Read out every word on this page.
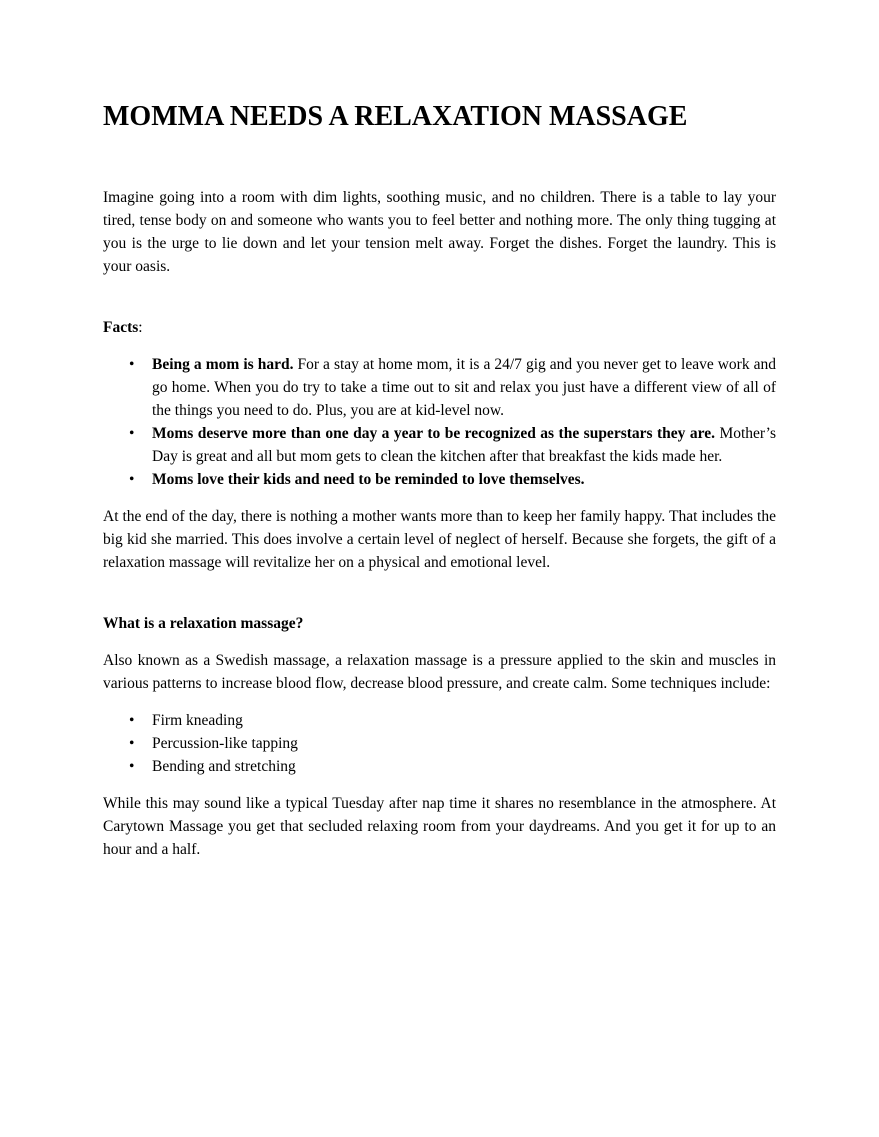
MOMMA NEEDS A RELAXATION MASSAGE

Imagine going into a room with dim lights, soothing music, and no children. There is a table to lay your tired, tense body on and someone who wants you to feel better and nothing more. The only thing tugging at you is the urge to lie down and let your tension melt away. Forget the dishes. Forget the laundry. This is your oasis.

Facts:

• Being a mom is hard. For a stay at home mom, it is a 24/7 gig and you never get to leave work and go home. When you do try to take a time out to sit and relax you just have a different view of all of the things you need to do. Plus, you are at kid-level now.
• Moms deserve more than one day a year to be recognized as the superstars they are. Mother’s Day is great and all but mom gets to clean the kitchen after that breakfast the kids made her.
• Moms love their kids and need to be reminded to love themselves.

At the end of the day, there is nothing a mother wants more than to keep her family happy. That includes the big kid she married. This does involve a certain level of neglect of herself. Because she forgets, the gift of a relaxation massage will revitalize her on a physical and emotional level.

What is a relaxation massage?

Also known as a Swedish massage, a relaxation massage is a pressure applied to the skin and muscles in various patterns to increase blood flow, decrease blood pressure, and create calm. Some techniques include:

• Firm kneading
• Percussion-like tapping
• Bending and stretching

While this may sound like a typical Tuesday after nap time it shares no resemblance in the atmosphere. At Carytown Massage you get that secluded relaxing room from your daydreams. And you get it for up to an hour and a half.
